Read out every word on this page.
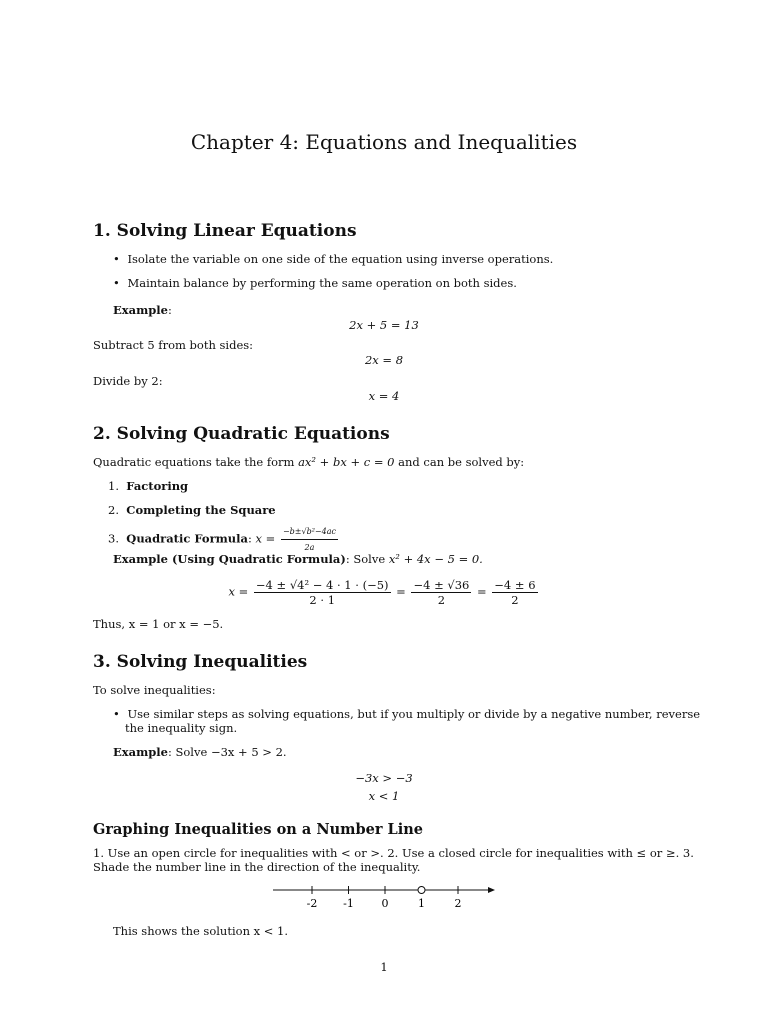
Chapter 4: Equations and Inequalities
1. Solving Linear Equations
• Isolate the variable on one side of the equation using inverse operations.
• Maintain balance by performing the same operation on both sides.
Example:
2x + 5 = 13
Subtract 5 from both sides:
2x = 8
Divide by 2:
x = 4
2. Solving Quadratic Equations
Quadratic equations take the form ax² + bx + c = 0 and can be solved by:
1.  Factoring
2.  Completing the Square
3.  Quadratic Formula: $x = \frac{\text{−b±√b²−4ac}}{2a}$
Example (Using Quadratic Formula): Solve x² + 4x − 5 = 0.
$x = \frac{\text{−4 ± √4² − 4 · 1 · (−5)}}{2 \cdot 1} = \frac{-4 \pm √36}{2} = \frac{-4 \pm 6}{2}$
Thus, x = 1 or x = −5.
3. Solving Inequalities
To solve inequalities:
• Use similar steps as solving equations, but if you multiply or divide by a negative number, reverse
the inequality sign.
Example: Solve −3x + 5 > 2.
−3x > −3
x < 1
Graphing Inequalities on a Number Line
1. Use an open circle for inequalities with < or >. 2. Use a closed circle for inequalities with ≤ or ≥. 3.
Shade the number line in the direction of the inequality.
-2 -1	0	1	2
This shows the solution x < 1.
1
